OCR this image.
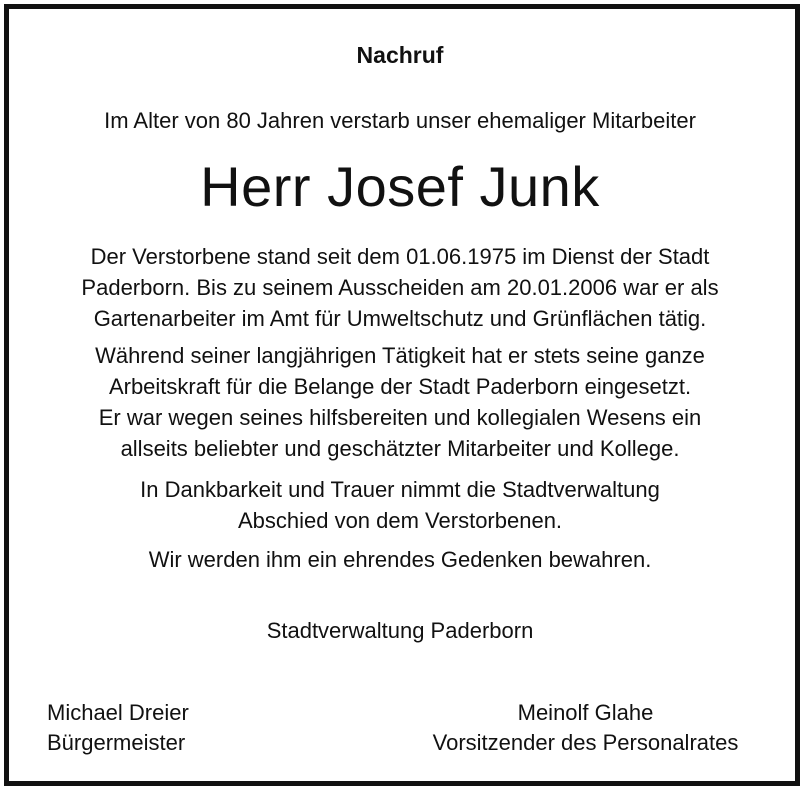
Nachruf
Im Alter von 80 Jahren verstarb unser ehemaliger Mitarbeiter
Herr Josef Junk
Der Verstorbene stand seit dem 01.06.1975 im Dienst der Stadt
Paderborn. Bis zu seinem Ausscheiden am 20.01.2006 war er als
Gartenarbeiter im Amt für Umweltschutz und Grünflächen tätig.
Während seiner langjährigen Tätigkeit hat er stets seine ganze
Arbeitskraft für die Belange der Stadt Paderborn eingesetzt.
Er war wegen seines hilfsbereiten und kollegialen Wesens ein
allseits beliebter und geschätzter Mitarbeiter und Kollege.
In Dankbarkeit und Trauer nimmt die Stadtverwaltung
Abschied von dem Verstorbenen.
Wir werden ihm ein ehrendes Gedenken bewahren.
Stadtverwaltung Paderborn
Michael Dreier
Bürgermeister
Meinolf Glahe
Vorsitzender des Personalrates
